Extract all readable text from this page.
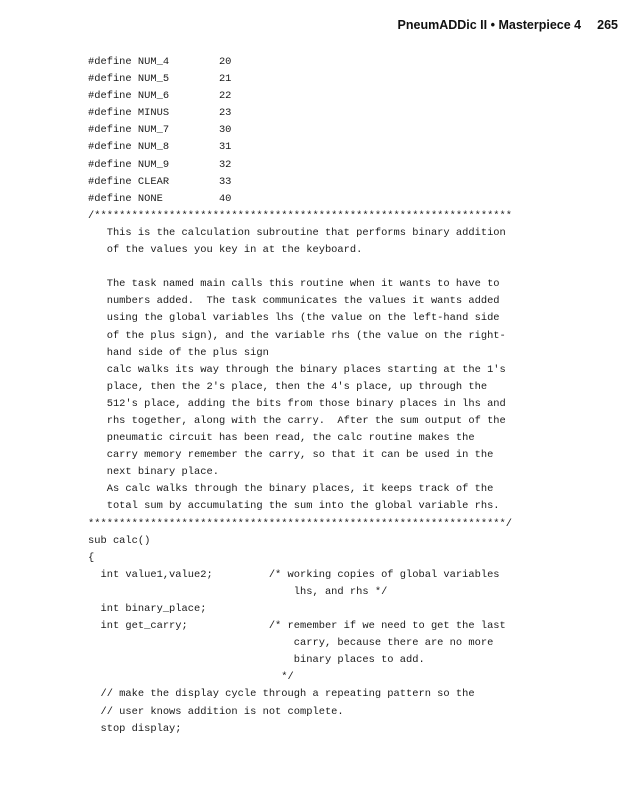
PneumADDic II • Masterpiece 4 265
#define NUM_4        20
#define NUM_5        21
#define NUM_6        22
#define MINUS        23
#define NUM_7        30
#define NUM_8        31
#define NUM_9        32
#define CLEAR        33
#define NONE         40
/*******************************************************************
This is the calculation subroutine that performs binary addition
of the values you key in at the keyboard.
The task named main calls this routine when it wants to have to
numbers added.  The task communicates the values it wants added
using the global variables lhs (the value on the left-hand side
of the plus sign), and the variable rhs (the value on the right-
hand side of the plus sign
calc walks its way through the binary places starting at the 1's
place, then the 2's place, then the 4's place, up through the
512's place, adding the bits from those binary places in lhs and
rhs together, along with the carry.  After the sum output of the
pneumatic circuit has been read, the calc routine makes the
carry memory remember the carry, so that it can be used in the
next binary place.
As calc walks through the binary places, it keeps track of the
total sum by accumulating the sum into the global variable rhs.
*******************************************************************/
sub calc()
{
int value1,value2;         /* working copies of global variables
lhs, and rhs */
int binary_place;
int get_carry;             /* remember if we need to get the last
carry, because there are no more
binary places to add.
*/
// make the display cycle through a repeating pattern so the
// user knows addition is not complete.
stop display;
